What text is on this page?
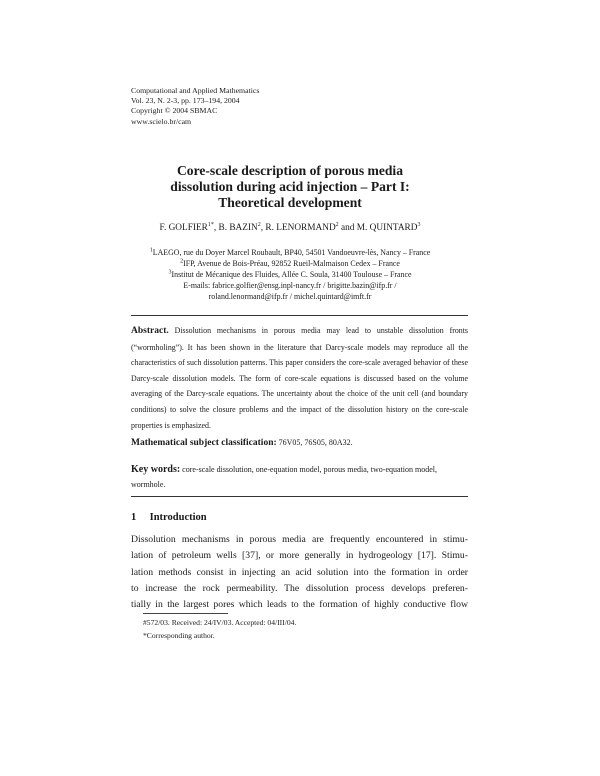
Computational and Applied Mathematics
Vol. 23, N. 2-3, pp. 173–194, 2004
Copyright © 2004 SBMAC
www.scielo.br/cam
Core-scale description of porous media
dissolution during acid injection – Part I:
Theoretical development
F. $GOLFIER^{1*}$, B. BAZIN$^2$, R. LENORMAND$^2$ and M. QUINTARD$^3$
$^1$LAEGO, rue du Doyer Marcel Roubault, BP40, 54501 Vandoeuvre-lès, Nancy – France
$^2$IFP, Avenue de Bois-Préau, 92852 Rueil-Malmaison Cedex – France
$^3$Institut de Mécanique des Fluides, Allée C. Soula, 31400 Toulouse – France
E-mails: fabrice.golfier@ensg.inpl-nancy.fr / brigitte.bazin@ifp.fr /
roland.lenormand@ifp.fr / michel.quintard@imft.fr
Abstract. Dissolution mechanisms in porous media may lead to unstable dissolution fronts (“wormholing”). It has been shown in the literature that Darcy-scale models may reproduce all the characteristics of such dissolution patterns. This paper considers the core-scale averaged behavior of these Darcy-scale dissolution models. The form of core-scale equations is discussed based on the volume averaging of the Darcy-scale equations. The uncertainty about the choice of the unit cell (and boundary conditions) to solve the closure problems and the impact of the dissolution history on the core-scale properties is emphasized.
Mathematical subject classification: 76V05, 76S05, 80A32.
Key words: core-scale dissolution, one-equation model, porous media, two-equation model, wormhole.
1 Introduction
Dissolution mechanisms in porous media are frequently encountered in stimu-
lation of petroleum wells [37], or more generally in hydrogeology [17]. Stimu-
lation methods consist in injecting an acid solution into the formation in order
to increase the rock permeability. The dissolution process develops preferen-
tially in the largest pores which leads to the formation of highly conductive flow
#572/03. Received: 24/IV/03. Accepted: 04/III/04.
*Corresponding author.
